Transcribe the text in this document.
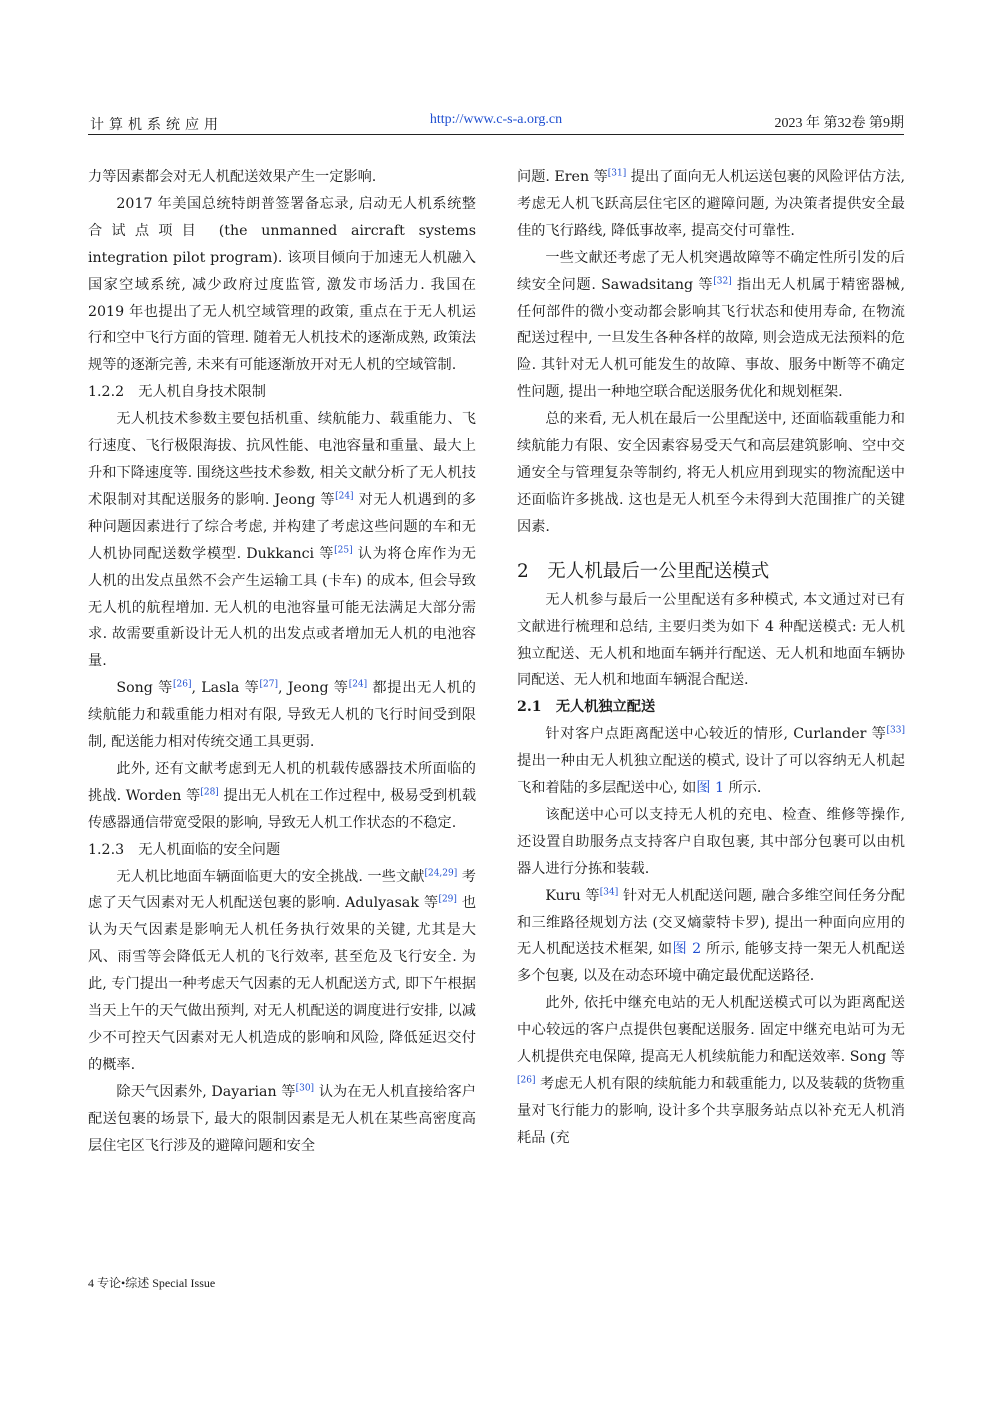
计算机系统应用	http://www.c-s-a.org.cn	2023 年 第32卷 第9期

力等因素都会对无人机配送效果产生一定影响.

2017 年美国总统特朗普签署备忘录, 启动无人机系统整合试点项目 (the unmanned aircraft systems integration pilot program). 该项目倾向于加速无人机融入国家空域系统, 减少政府过度监管, 激发市场活力. 我国在 2019 年也提出了无人机空域管理的政策, 重点在于无人机运行和空中飞行方面的管理. 随着无人机技术的逐渐成熟, 政策法规等的逐渐完善, 未来有可能逐渐放开对无人机的空域管制.

1.2.2　无人机自身技术限制

无人机技术参数主要包括机重、续航能力、载重能力、飞行速度、飞行极限海拔、抗风性能、电池容量和重量、最大上升和下降速度等. 围绕这些技术参数, 相关文献分析了无人机技术限制对其配送服务的影响. Jeong 等[24] 对无人机遇到的多种问题因素进行了综合考虑, 并构建了考虑这些问题的车和无人机协同配送数学模型. Dukkanci 等[25] 认为将仓库作为无人机的出发点虽然不会产生运输工具 (卡车) 的成本, 但会导致无人机的航程增加. 无人机的电池容量可能无法满足大部分需求. 故需要重新设计无人机的出发点或者增加无人机的电池容量.

Song 等[26], Lasla 等[27], Jeong 等[24] 都提出无人机的续航能力和载重能力相对有限, 导致无人机的飞行时间受到限制, 配送能力相对传统交通工具更弱.

此外, 还有文献考虑到无人机的机载传感器技术所面临的挑战. Worden 等[28] 提出无人机在工作过程中, 极易受到机载传感器通信带宽受限的影响, 导致无人机工作状态的不稳定.

1.2.3　无人机面临的安全问题

无人机比地面车辆面临更大的安全挑战. 一些文献[24,29] 考虑了天气因素对无人机配送包裹的影响. Adulyasak 等[29] 也认为天气因素是影响无人机任务执行效果的关键, 尤其是大风、雨雪等会降低无人机的飞行效率, 甚至危及飞行安全. 为此, 专门提出一种考虑天气因素的无人机配送方式, 即下午根据当天上午的天气做出预判, 对无人机配送的调度进行安排, 以减少不可控天气因素对无人机造成的影响和风险, 降低延迟交付的概率.

除天气因素外, Dayarian 等[30] 认为在无人机直接给客户配送包裹的场景下, 最大的限制因素是无人机在某些高密度高层住宅区飞行涉及的避障问题和安全

问题. Eren 等[31] 提出了面向无人机运送包裹的风险评估方法, 考虑无人机飞跃高层住宅区的避障问题, 为决策者提供安全最佳的飞行路线, 降低事故率, 提高交付可靠性.

一些文献还考虑了无人机突遇故障等不确定性所引发的后续安全问题. Sawadsitang 等[32] 指出无人机属于精密器械, 任何部件的微小变动都会影响其飞行状态和使用寿命, 在物流配送过程中, 一旦发生各种各样的故障, 则会造成无法预料的危险. 其针对无人机可能发生的故障、事故、服务中断等不确定性问题, 提出一种地空联合配送服务优化和规划框架.

总的来看, 无人机在最后一公里配送中, 还面临载重能力和续航能力有限、安全因素容易受天气和高层建筑影响、空中交通安全与管理复杂等制约, 将无人机应用到现实的物流配送中还面临许多挑战. 这也是无人机至今未得到大范围推广的关键因素.

2　无人机最后一公里配送模式

无人机参与最后一公里配送有多种模式, 本文通过对已有文献进行梳理和总结, 主要归类为如下 4 种配送模式: 无人机独立配送、无人机和地面车辆并行配送、无人机和地面车辆协同配送、无人机和地面车辆混合配送.

2.1　无人机独立配送

针对客户点距离配送中心较近的情形, Curlander 等[33] 提出一种由无人机独立配送的模式, 设计了可以容纳无人机起飞和着陆的多层配送中心, 如图 1 所示.

该配送中心可以支持无人机的充电、检查、维修等操作, 还设置自助服务点支持客户自取包裹, 其中部分包裹可以由机器人进行分拣和装载.

Kuru 等[34] 针对无人机配送问题, 融合多维空间任务分配和三维路径规划方法 (交叉熵蒙特卡罗), 提出一种面向应用的无人机配送技术框架, 如图 2 所示, 能够支持一架无人机配送多个包裹, 以及在动态环境中确定最优配送路径.

此外, 依托中继充电站的无人机配送模式可以为距离配送中心较远的客户点提供包裹配送服务. 固定中继充电站可为无人机提供充电保障, 提高无人机续航能力和配送效率. Song 等[26] 考虑无人机有限的续航能力和载重能力, 以及装载的货物重量对飞行能力的影响, 设计多个共享服务站点以补充无人机消耗品 (充

4 专论•综述 Special Issue
